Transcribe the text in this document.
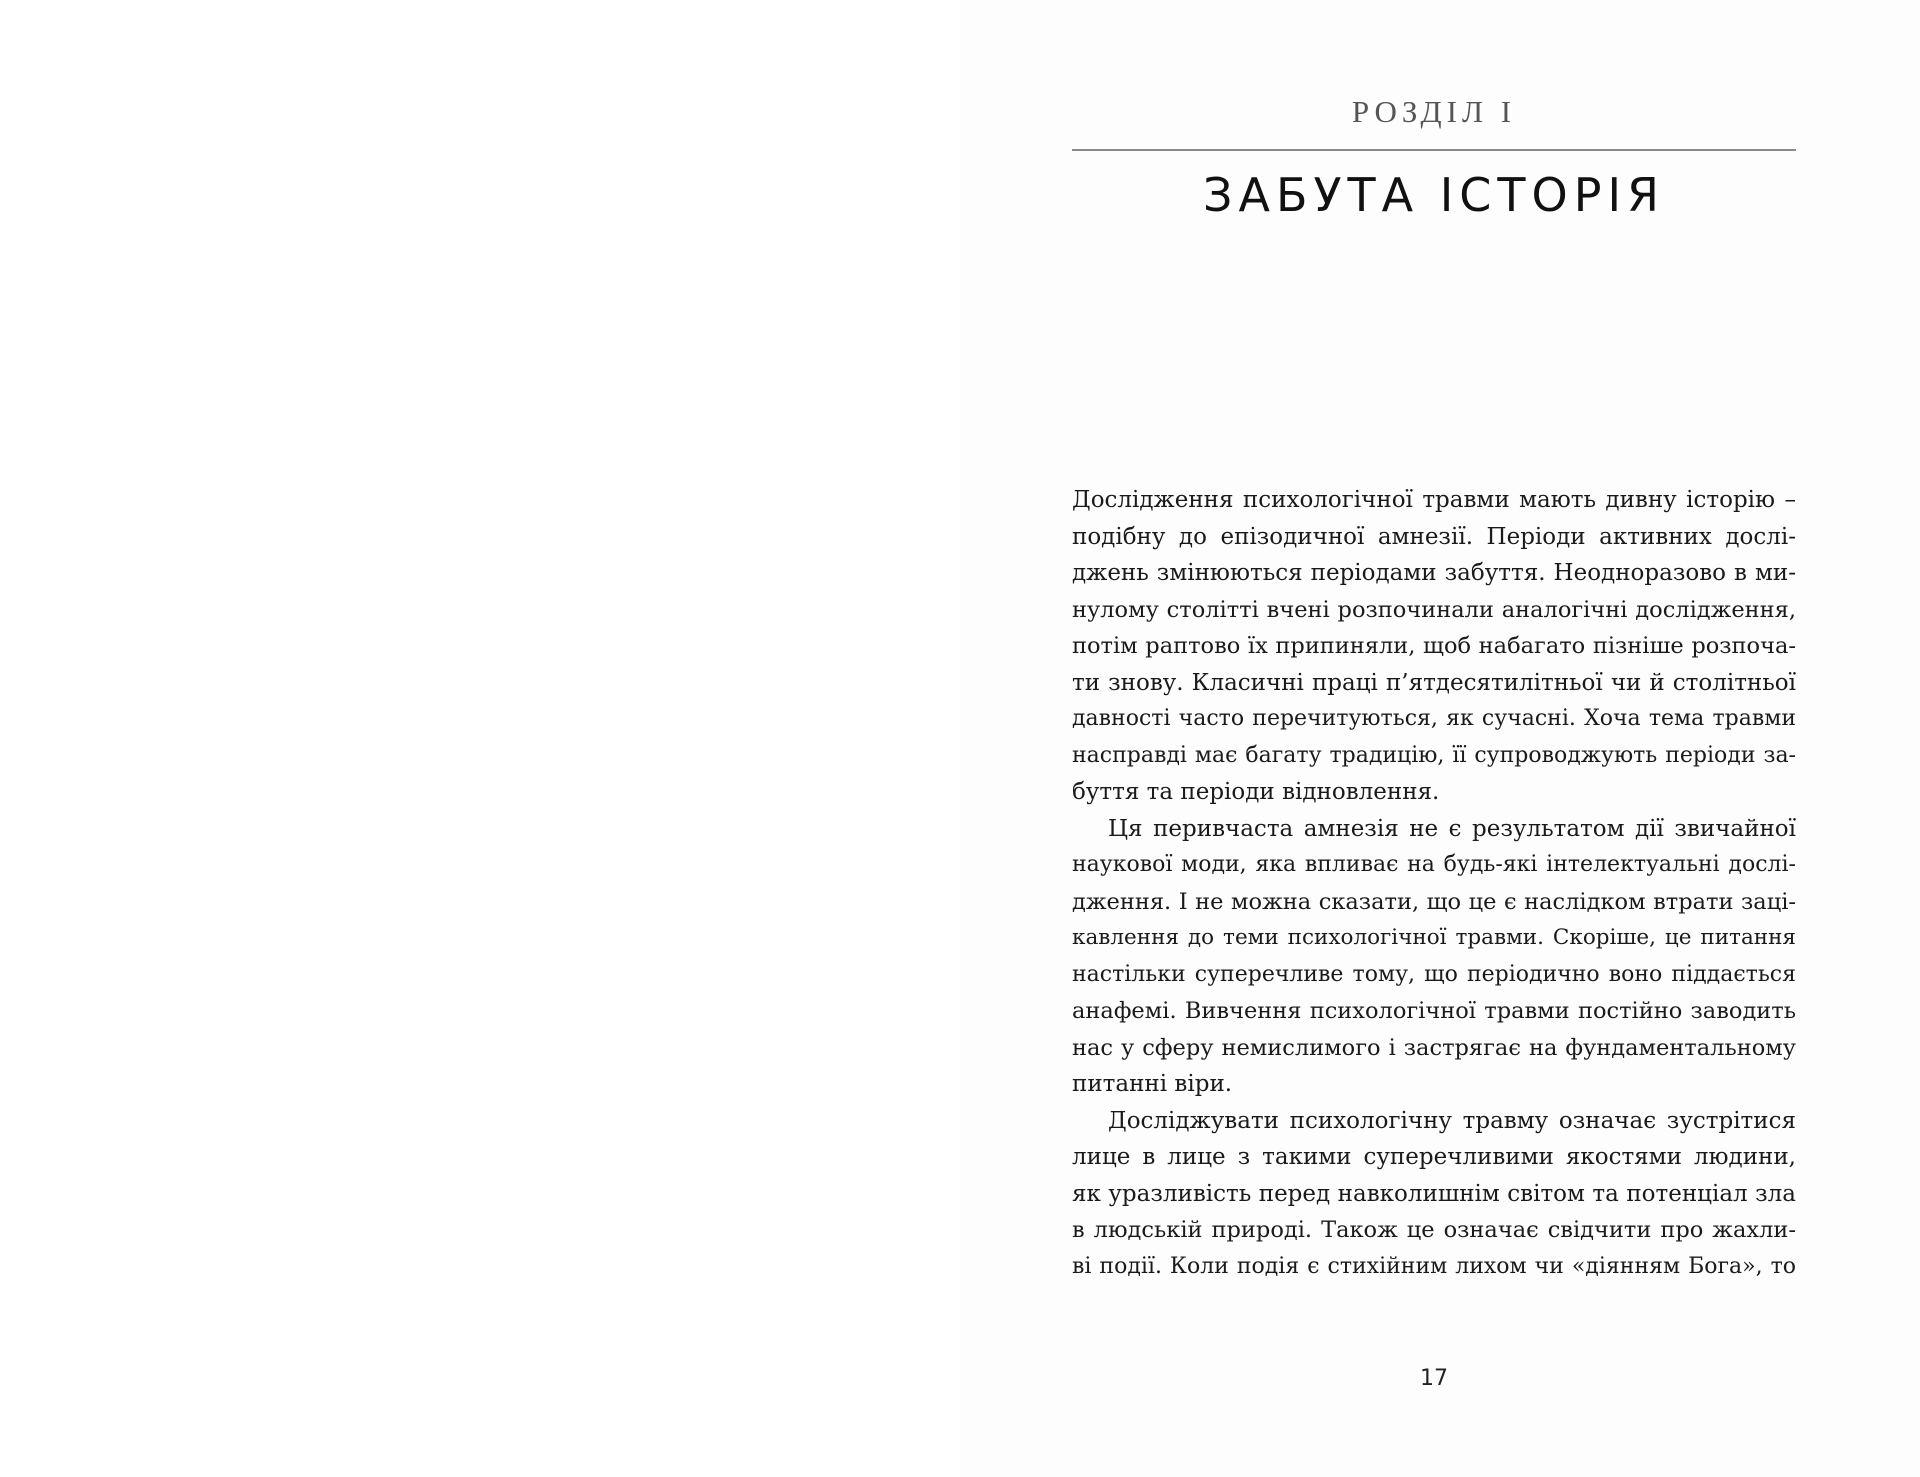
РОЗДІЛ І
ЗАБУТА ІСТОРІЯ
Дослідження психологічної травми мають дивну історію –
подібну до епізодичної амнезії. Періоди активних дослі-
джень змінюються періодами забуття. Неодноразово в ми-
нулому столітті вчені розпочинали аналогічні дослідження,
потім раптово їх припиняли, щоб набагато пізніше розпоча-
ти знову. Класичні праці п’ятдесятилітньої чи й столітньої
давності часто перечитуються, як сучасні. Хоча тема травми
насправді має багату традицію, її супроводжують періоди за-
буття та періоди відновлення.
Ця перивчаста амнезія не є результатом дії звичайної
наукової моди, яка впливає на будь-які інтелектуальні дослі-
дження. І не можна сказати, що це є наслідком втрати заці-
кавлення до теми психологічної травми. Скоріше, це питання
настільки суперечливе тому, що періодично воно піддається
анафемі. Вивчення психологічної травми постійно заводить
нас у сферу немислимого і застрягає на фундаментальному
питанні віри.
Досліджувати психологічну травму означає зустрітися
лице в лице з такими суперечливими якостями людини,
як уразливість перед навколишнім світом та потенціал зла
в людській природі. Також це означає свідчити про жахли-
ві події. Коли подія є стихійним лихом чи «діянням Бога», то
17
